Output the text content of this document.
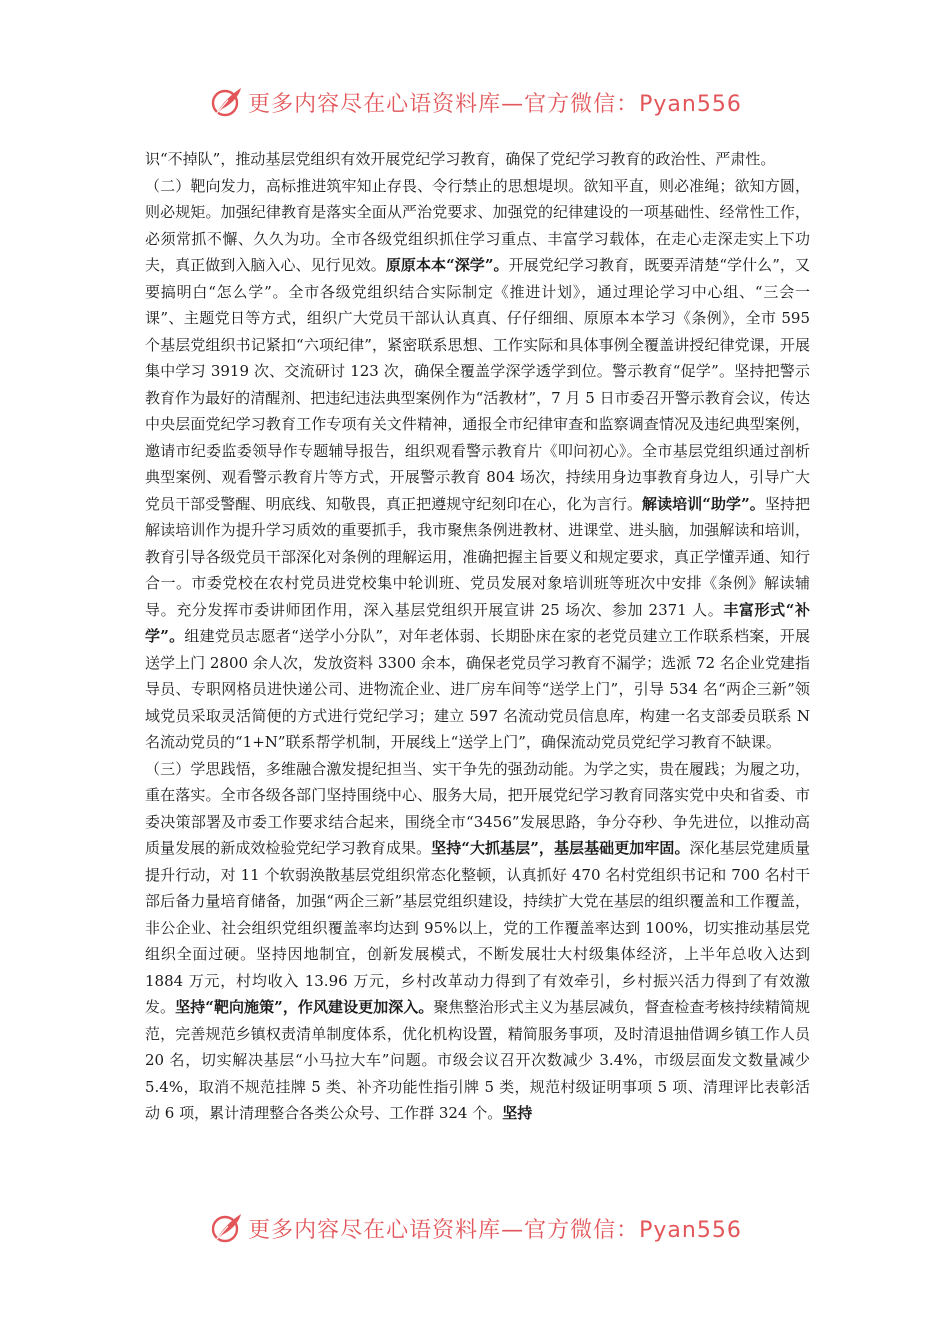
更多内容尽在心语资料库—官方微信：Pyan556

识“不掉队”，推动基层党组织有效开展党纪学习教育，确保了党纪学习教育的政治性、严肃性。

（二）靶向发力，高标推进筑牢知止存畏、令行禁止的思想堤坝。欲知平直，则必准绳；欲知方圆，则必规矩。加强纪律教育是落实全面从严治党要求、加强党的纪律建设的一项基础性、经常性工作，必须常抓不懈、久久为功。全市各级党组织抓住学习重点、丰富学习载体，在走心走深走实上下功夫，真正做到入脑入心、见行见效。原原本本“深学”。开展党纪学习教育，既要弄清楚“学什么”，又要搞明白“怎么学”。全市各级党组织结合实际制定《推进计划》，通过理论学习中心组、“三会一课”、主题党日等方式，组织广大党员干部认认真真、仔仔细细、原原本本学习《条例》，全市 595 个基层党组织书记紧扣“六项纪律”，紧密联系思想、工作实际和具体事例全覆盖讲授纪律党课，开展集中学习 3919 次、交流研讨 123 次，确保全覆盖学深学透学到位。警示教育“促学”。坚持把警示教育作为最好的清醒剂、把违纪违法典型案例作为“活教材”，7 月 5 日市委召开警示教育会议，传达中央层面党纪学习教育工作专项有关文件精神，通报全市纪律审查和监察调查情况及违纪典型案例，邀请市纪委监委领导作专题辅导报告，组织观看警示教育片《叩问初心》。全市基层党组织通过剖析典型案例、观看警示教育片等方式，开展警示教育 804 场次，持续用身边事教育身边人，引导广大党员干部受警醒、明底线、知敬畏，真正把遵规守纪刻印在心，化为言行。解读培训“助学”。坚持把解读培训作为提升学习质效的重要抓手，我市聚焦条例进教材、进课堂、进头脑，加强解读和培训，教育引导各级党员干部深化对条例的理解运用，准确把握主旨要义和规定要求，真正学懂弄通、知行合一。市委党校在农村党员进党校集中轮训班、党员发展对象培训班等班次中安排《条例》解读辅导。充分发挥市委讲师团作用，深入基层党组织开展宣讲 25 场次、参加 2371 人。丰富形式“补学”。组建党员志愿者“送学小分队”，对年老体弱、长期卧床在家的老党员建立工作联系档案，开展送学上门 2800 余人次，发放资料 3300 余本，确保老党员学习教育不漏学；选派 72 名企业党建指导员、专职网格员进快递公司、进物流企业、进厂房车间等“送学上门”，引导 534 名“两企三新”领域党员采取灵活简便的方式进行党纪学习；建立 597 名流动党员信息库，构建一名支部委员联系 N 名流动党员的“1+N”联系帮学机制，开展线上“送学上门”，确保流动党员党纪学习教育不缺课。

（三）学思践悟，多维融合激发提纪担当、实干争先的强劲动能。为学之实，贵在履践；为履之功，重在落实。全市各级各部门坚持围绕中心、服务大局，把开展党纪学习教育同落实党中央和省委、市委决策部署及市委工作要求结合起来，围绕全市“3456”发展思路，争分夺秒、争先进位，以推动高质量发展的新成效检验党纪学习教育成果。坚持“大抓基层”，基层基础更加牢固。深化基层党建质量提升行动，对 11 个软弱涣散基层党组织常态化整顿，认真抓好 470 名村党组织书记和 700 名村干部后备力量培育储备，加强“两企三新”基层党组织建设，持续扩大党在基层的组织覆盖和工作覆盖，非公企业、社会组织党组织覆盖率均达到 95%以上，党的工作覆盖率达到 100%，切实推动基层党组织全面过硬。坚持因地制宜，创新发展模式，不断发展壮大村级集体经济，上半年总收入达到 1884 万元，村均收入 13.96 万元，乡村改革动力得到了有效牵引，乡村振兴活力得到了有效激发。坚持“靶向施策”，作风建设更加深入。聚焦整治形式主义为基层减负，督查检查考核持续精简规范，完善规范乡镇权责清单制度体系，优化机构设置，精简服务事项，及时清退抽借调乡镇工作人员 20 名，切实解决基层“小马拉大车”问题。市级会议召开次数减少 3.4%，市级层面发文数量减少 5.4%，取消不规范挂牌 5 类、补齐功能性指引牌 5 类，规范村级证明事项 5 项、清理评比表彰活动 6 项，累计清理整合各类公众号、工作群 324 个。坚持

更多内容尽在心语资料库—官方微信：Pyan556
